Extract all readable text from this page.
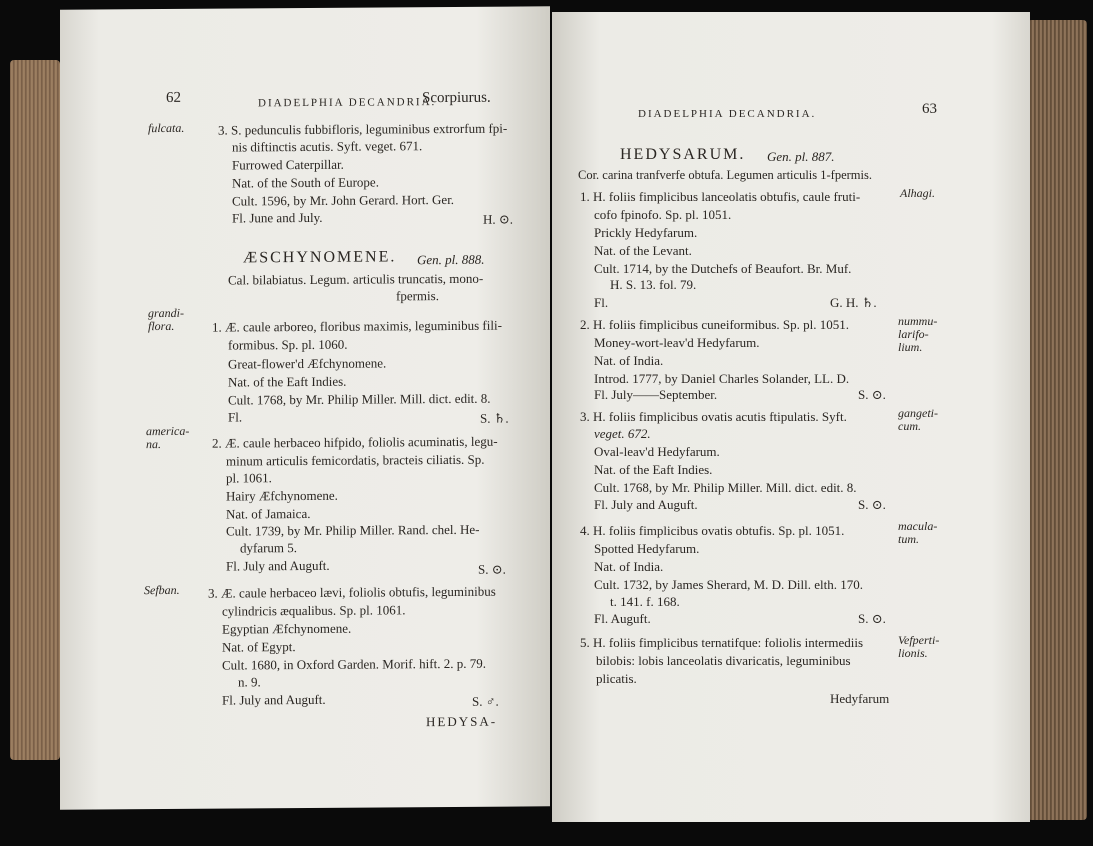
62	DIADELPHIA DECANDRIA.
Scorpiurus.
fulcata.	3. S. pedunculis fubbifloris, leguminibus extrorfum fpi-
nis diftinctis acutis. Syft. veget. 671.
Furrowed Caterpillar.
Nat. of the South of Europe.
Cult. 1596, by Mr. John Gerard. Hort. Ger.
Fl. June and July.	H. ⊙.
ÆSCHYNOMENE. Gen. pl. 888.
Cal. bilabiatus. Legum. articulis truncatis, mono-
fpermis.
grandi-
flora.	1. Æ. caule arboreo, floribus maximis, leguminibus fili-
formibus. Sp. pl. 1060.
Great-flower'd Æfchynomene.
Nat. of the Eaft Indies.
Cult. 1768, by Mr. Philip Miller. Mill. dict. edit. 8.
Fl.	S. ♄.
america-
na.	2. Æ. caule herbaceo hifpido, foliolis acuminatis, legu-
minum articulis femicordatis, bracteis ciliatis. Sp.
pl. 1061.
Hairy Æfchynomene.
Nat. of Jamaica.
Cult. 1739, by Mr. Philip Miller. Rand. chel. He-
dyfarum 5.
Fl. July and Auguft.	S. ⊙.
Sefban. 3. Æ. caule herbaceo lævi, foliolis obtufis, leguminibus
cylindricis æqualibus. Sp. pl. 1061.
Egyptian Æfchynomene.
Nat. of Egypt.
Cult. 1680, in Oxford Garden. Morif. hift. 2. p. 79.
n. 9.
Fl. July and Auguft.	S. ♂.
HEDYSA-
DIADELPHIA DECANDRIA.	63
HEDYSARUM. Gen. pl. 887.
Cor. carina tranfverfe obtufa. Legumen articulis 1-fpermis.
Alhagi.
1. H. foliis fimplicibus lanceolatis obtufis, caule fruti-
cofo fpinofo. Sp. pl. 1051.
Prickly Hedyfarum.
Nat. of the Levant.
Cult. 1714, by the Dutchefs of Beaufort. Br. Muf.
H. S. 13. fol. 79.
Fl.	G. H. ♄.
nummu-
larifo-
lium.
2. H. foliis fimplicibus cuneiformibus. Sp. pl. 1051.
Money-wort-leav'd Hedyfarum.
Nat. of India.
Introd. 1777, by Daniel Charles Solander, LL. D.
Fl. July——September.	S. ⊙.
gangeti-
cum.
3. H. foliis fimplicibus ovatis acutis ftipulatis. Syft.
veget. 672.
Oval-leav'd Hedyfarum.
Nat. of the Eaft Indies.
Cult. 1768, by Mr. Philip Miller. Mill. dict. edit. 8.
Fl. July and Auguft.	S. ⊙.
macula-
tum.
4. H. foliis fimplicibus ovatis obtufis. Sp. pl. 1051.
Spotted Hedyfarum.
Nat. of India.
Cult. 1732, by James Sherard, M. D. Dill. elth. 170.
t. 141. f. 168.
Fl. Auguft.	S. ⊙.
Vefperti-
lionis.
5. H. foliis fimplicibus ternatifque: foliolis intermediis
bilobis: lobis lanceolatis divaricatis, leguminibus
plicatis.
Hedyfarum
